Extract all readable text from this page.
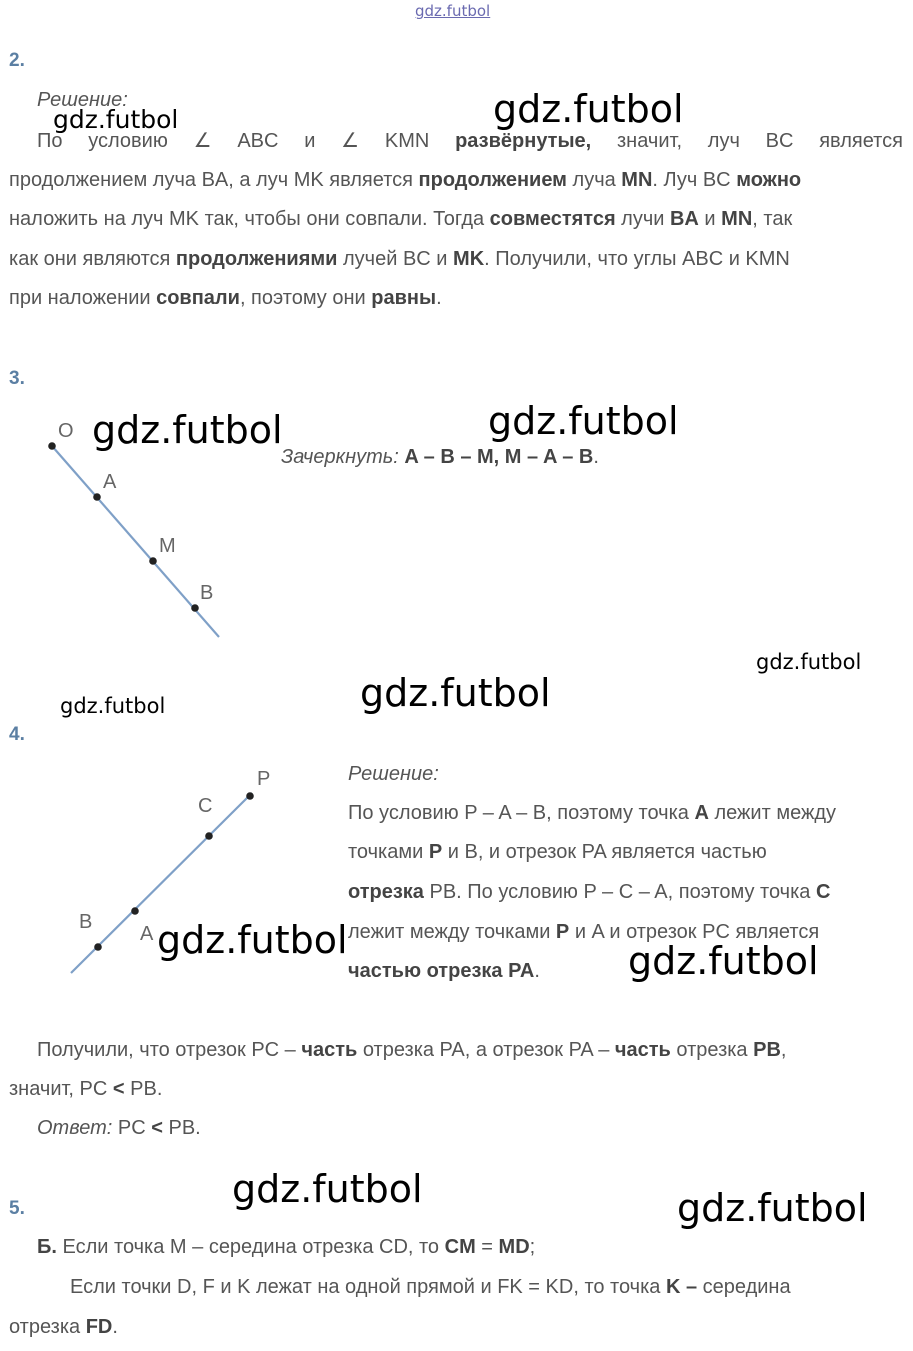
gdz.futbol
2.
Решение:
По условию ∠ ABC и ∠ KMN развёрнутые, значит, луч BC является
продолжением луча BA, а луч MK является продолжением луча MN. Луч BC можно
наложить на луч MK так, чтобы они совпали. Тогда совместятся лучи BA и MN, так
как они являются продолжениями лучей BC и MK. Получили, что углы ABC и KMN
при наложении совпали, поэтому они равны.
3.
O
A
M
B
Зачеркнуть: A – B – M, M – A – B.
4.
P
C
B
A
Решение:
По условию P – A – B, поэтому точка A лежит между
точками P и B, и отрезок PA является частью
отрезка PB. По условию P – C – A, поэтому точка C
лежит между точками P и A и отрезок PC является
частью отрезка PA.
Получили, что отрезок PC – часть отрезка PA, а отрезок PA – часть отрезка PB,
значит, PC < PB.
Ответ: PC < PB.
5.
Б. Если точка M – середина отрезка CD, то CM = MD;
Если точки D, F и K лежат на одной прямой и FK = KD, то точка K – середина
отрезка FD.
gdz.futbol	gdz.futbol
gdz.futbol	gdz.futbol
gdz.futbol
gdz.futbol
gdz.futbol
gdz.futbol	gdz.futbol
gdz.futbol	gdz.futbol
